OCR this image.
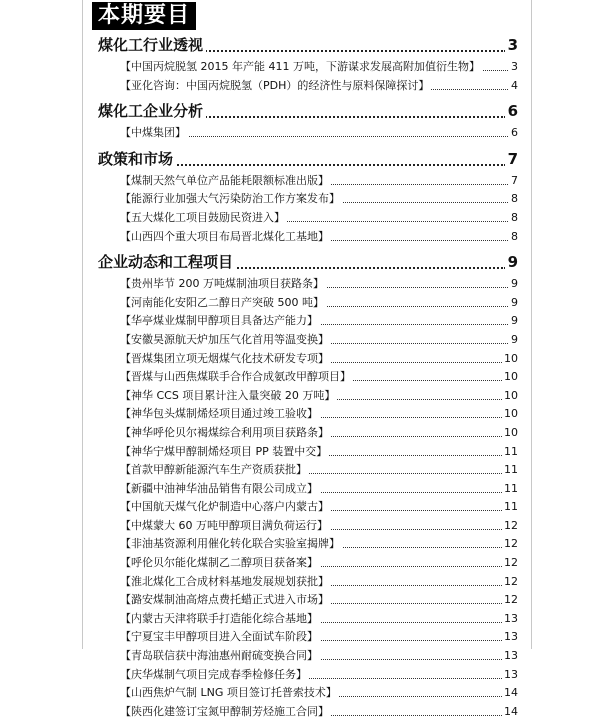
本期要目
煤化工行业透视	3
【中国丙烷脱氢 2015 年产能 411 万吨，下游谋求发展高附加值衍生物】	3
【亚化咨询：中国丙烷脱氢（PDH）的经济性与原料保障探讨】	4
煤化工企业分析	6
【中煤集团】	6
政策和市场	7
【煤制天然气单位产品能耗限额标准出版】	7
【能源行业加强大气污染防治工作方案发布】	8
【五大煤化工项目鼓励民资进入】	8
【山西四个重大项目布局晋北煤化工基地】	8
企业动态和工程项目	9
【贵州毕节 200 万吨煤制油项目获路条】	9
【河南能化安阳乙二醇日产突破 500 吨】	9
【华亭煤业煤制甲醇项目具备达产能力】	9
【安徽昊源航天炉加压气化首用等温变换】	9
【晋煤集团立项无烟煤气化技术研发专项】	10
【晋煤与山西焦煤联手合作合成氨改甲醇项目】	10
【神华 CCS 项目累计注入量突破 20 万吨】	10
【神华包头煤制烯烃项目通过竣工验收】	10
【神华呼伦贝尔褐煤综合利用项目获路条】	10
【神华宁煤甲醇制烯烃项目 PP 装置中交】	11
【首款甲醇新能源汽车生产资质获批】	11
【新疆中油神华油品销售有限公司成立】	11
【中国航天煤气化炉制造中心落户内蒙古】	11
【中煤蒙大 60 万吨甲醇项目满负荷运行】	12
【非油基资源利用催化转化联合实验室揭牌】	12
【呼伦贝尔能化煤制乙二醇项目获备案】	12
【淮北煤化工合成材料基地发展规划获批】	12
【潞安煤制油高熔点费托蜡正式进入市场】	12
【内蒙古天津将联手打造能化综合基地】	13
【宁夏宝丰甲醇项目进入全面试车阶段】	13
【青岛联信获中海油惠州耐硫变换合同】	13
【庆华煤制气项目完成春季检修任务】	13
【山西焦炉气制 LNG 项目签订托普索技术】	14
【陕西化建签订宝氮甲醇制芳烃施工合同】	14
